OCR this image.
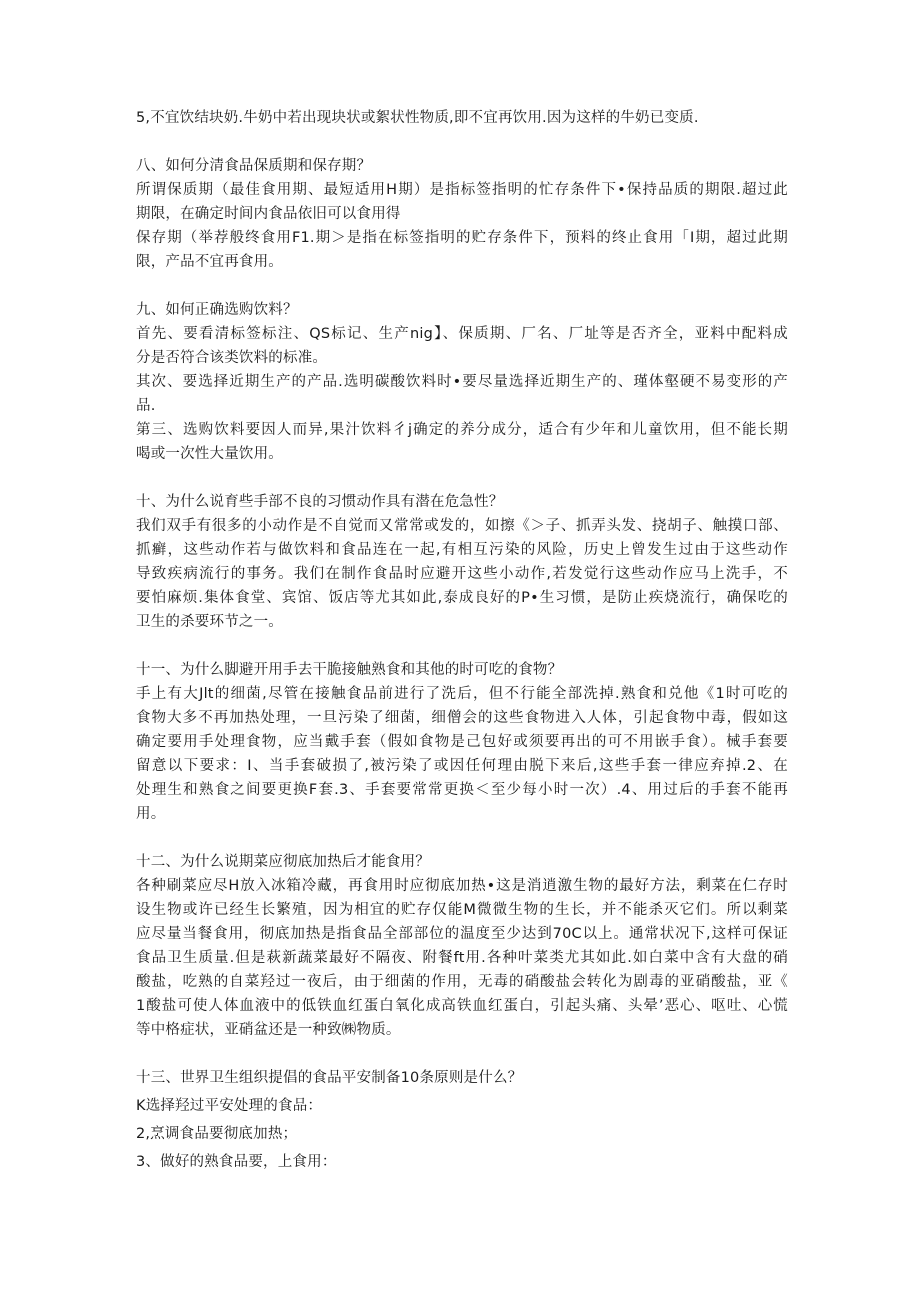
5,不宜饮结块奶.牛奶中若出现块状或絮状性物质,即不宜再饮用.因为这样的牛奶已变质.
八、如何分清食品保质期和保存期？
所谓保质期（最佳食用期、最短适用H期）是指标签指明的忙存条件下•保持品质的期限.超过此
期限，在确定时间内食品依旧可以食用得
保存期（举荐般终食用F1.期＞是指在标签指明的贮存条件下，预料的终止食用「I期，超过此期
限，产品不宜再食用。
九、如何正确选购饮料？
首先、要看清标签标注、QS标记、生产nig】、保质期、厂名、厂址等是否齐全，亚料中配料成
分是否符合该类饮料的标准。
其次、要选择近期生产的产品.选明碳酸饮料时•要尽量选择近期生产的、瑾体壑硬不易变形的产
品.
第三、选购饮料要因人而异,果汁饮料彳j确定的养分成分，适合有少年和儿童饮用，但不能长期
喝或一次性大量饮用。
十、为什么说育些手部不良的习惯动作具有潜在危急性？
我们双手有很多的小动作是不自觉而又常常或发的，如擦《＞子、抓弄头发、挠胡子、触摸口部、
抓癣，这些动作若与做饮料和食品连在一起,有相互污染的风险，历史上曾发生过由于这些动作
导致疾病流行的事务。我们在制作食品时应避开这些小动作,若发觉行这些动作应马上洗手，不
要怕麻烦.集体食堂、宾馆、饭店等尤其如此,泰成良好的P•生习惯，是防止疾烧流行，确保吃的
卫生的杀要环节之一。
十一、为什么脚避开用手去干脆接触熟食和其他的时可吃的食物？
手上有大Jlt的细菌,尽管在接触食品前进行了洗后，但不行能全部洗掉.熟食和兑他《1时可吃的
食物大多不再加热处理，一旦污染了细菌，细僧会的这些食物进入人体，引起食物中毒，假如这
确定要用手处理食物，应当戴手套（假如食物是己包好或须要再出的可不用嵌手食）。械手套要
留意以下要求：I、当手套破损了,被污染了或因任何理由脱下来后,这些手套一律应弃掉.2、在
处理生和熟食之间要更换F套.3、手套要常常更换＜至少每小时一次）.4、用过后的手套不能再
用。
十二、为什么说期菜应彻底加热后才能食用？
各种刷菜应尽H放入冰箱冷藏，再食用时应彻底加热•这是消逍激生物的最好方法，剩菜在仁存时
设生物或许已经生长繁殖，因为相宜的贮存仅能M微微生物的生长，并不能杀灭它们。所以剩菜
应尽量当餐食用，彻底加热是指食品全部部位的温度至少达到70C以上。通常状况下,这样可保证
食品卫生质量.但是萩新蔬菜最好不隔夜、附餐ft用.各种叶菜类尤其如此.如白菜中含有大盘的硝
酸盐，吃熟的自菜羟过一夜后，由于细菌的作用，无毒的硝酸盐会转化为剧毒的亚硝酸盐，亚《
1酸盐可使人体血液中的低铁血红蛋白氧化成高铁血红蛋白，引起头痛、头晕’恶心、呕吐、心慌
等中格症状，亚硝盆还是一种致㈱物质。
十三、世界卫生组织提倡的食品平安制备10条原则是什么？
K选择羟过平安处理的食品：
2,烹调食品要彻底加热；
3、做好的熟食品要，上食用：
